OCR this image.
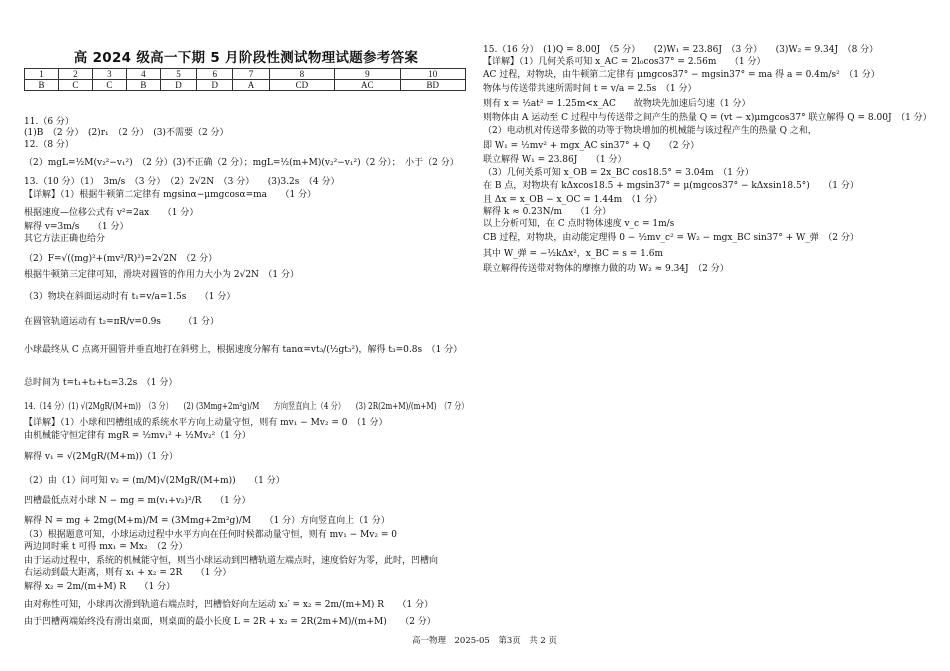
高 2024 级高一下期 5 月阶段性测试物理试题参考答案
1	2	3	4	5	6	7	8	9	10
B	C	C	B	D	D	A	CD	AC	BD
11.（6 分）
(1)B　（2 分）　(2)r₁　（2 分）　(3)不需要（2 分）
12.（8 分）
（2）mgL=½M(v₂²−v₁²)　（2 分）(3)不正确（2 分）；mgL=½(m+M)(v₂²−v₁²)（2 分）；　小于（2 分）
13.（10 分）（1）　3m/s　（3 分）　（2）2√2N　（3 分）　　(3)3.2s　（4 分）
【详解】（1）根据牛顿第二定律有 mgsinα−μmgcosα=ma　　（1 分）
根据速度—位移公式有 v²=2ax　　（1 分）
解得 v=3m/s　　（1 分）
其它方法正确也给分
（2）F=√((mg)²+(mv²/R)²)=2√2N　（2 分）
根据牛顿第三定律可知，滑块对圆管的作用力大小为 2√2N　（1 分）
（3）物块在斜面运动时有 t₁=v/a=1.5s　　（1 分）
在圆管轨道运动有 t₂=πR/v=0.9s　　　（1 分）
小球最终从 C 点离开圆管并垂直地打在斜劈上，根据速度分解有 tanα=vt₃/(½gt₃²)，解得 t₃=0.8s　（1 分）
总时间为 t=t₁+t₂+t₃=3.2s　（1 分）
14.（14 分）(1) √(2MgR/(M+m))　（3 分）　　(2) (3Mmg+2m²g)/M　　方向竖直向上（4 分）　　(3) 2R(2m+M)/(m+M)　（7 分）
【详解】（1）小球和凹槽组成的系统水平方向上动量守恒，则有 mv₁ − Mv₂ = 0　（1 分）
由机械能守恒定律有 mgR = ½mv₁² + ½Mv₂²（1 分）
解得 v₁ = √(2MgR/(M+m))（1 分）
（2）由（1）问可知 v₂ = (m/M)√(2MgR/(M+m))　　（1 分）
凹槽最低点对小球 N − mg = m(v₁+v₂)²/R　　（1 分）
解得 N = mg + 2mg(M+m)/M = (3Mmg+2m²g)/M　　（1 分）方向竖直向上（1 分）
（3）根据题意可知，小球运动过程中水平方向在任何时候都动量守恒，则有 mv₁ − Mv₂ = 0
两边同时乘 t 可得 mx₁ = Mx₂　（2 分）
由于运动过程中，系统的机械能守恒，则当小球运动到凹槽轨道左端点时，速度恰好为零，此时，凹槽向
右运动到最大距离，则有 x₁ + x₂ = 2R　　（1 分）
解得 x₂ = 2m/(m+M) R　　（1 分）
由对称性可知，小球再次滑到轨道右端点时，凹槽恰好向左运动 x₂′ = x₂ = 2m/(m+M) R　　（1 分）
由于凹槽两端始终没有滑出桌面，则桌面的最小长度 L = 2R + x₂ = 2R(2m+M)/(m+M)　　（2 分）
15.（16 分）　(1)Q = 8.00J　（5 分）　　(2)W₁ = 23.86J　（3 分）　　(3)W₂ = 9.34J　（8 分）
【详解】（1）几何关系可知 x_AC = 2l₀cos37° = 2.56m　　（1 分）
AC 过程，对物块，由牛顿第二定律有 μmgcos37° − mgsin37° = ma 得 a = 0.4m/s²　（1 分）
物体与传送带共速所需时间 t = v/a = 2.5s　（1 分）
则有 x = ½at² = 1.25m<x_AC　　故物块先加速后匀速（1 分）
则物体由 A 运动至 C 过程中与传送带之间产生的热量 Q = (vt − x)μmgcos37° 联立解得 Q = 8.00J　（1 分）
（2）电动机对传送带多做的功等于物块增加的机械能与该过程产生的热量 Q 之和，
即 W₁ = ½mv² + mgx_AC sin37° + Q　　（2 分）
联立解得 W₁ = 23.86J　　（1 分）
（3）几何关系可知 x_OB = 2x_BC cos18.5° = 3.04m　（1 分）
在 B 点，对物块有 kΔxcos18.5 + mgsin37° = μ(mgcos37° − kΔxsin18.5°)　　（1 分）
且 Δx = x_OB − x_OC = 1.44m　（1 分）
解得 k ≈ 0.23N/m　　（1 分）
以上分析可知，在 C 点时物体速度 v_c = 1m/s
CB 过程，对物块，由动能定理得 0 − ½mv_c² = W₂ − mgx_BC sin37° + W_弹　（2 分）
其中 W_弹 = −½kΔx²，x_BC = s = 1.6m
联立解得传送带对物体的摩擦力做的功 W₂ ≈ 9.34J　（2 分）
高一物理　2025-05　第3页　共 2 页
